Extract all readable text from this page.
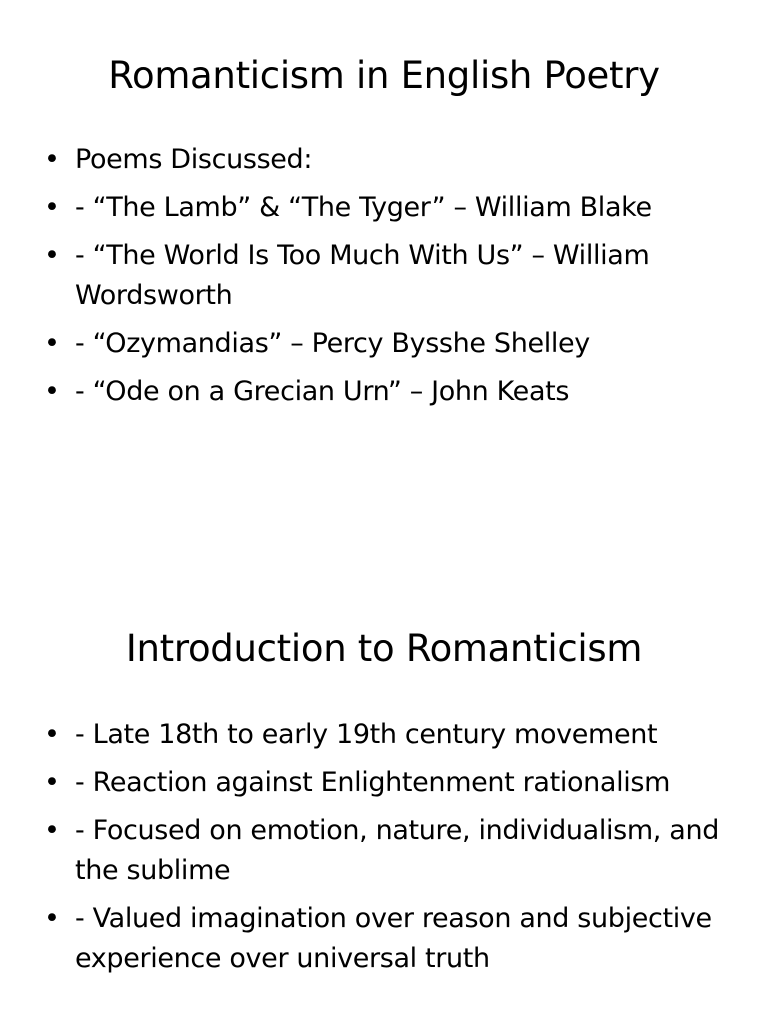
Romanticism in English Poetry
• Poems Discussed:
• - “The Lamb” & “The Tyger” – William Blake
• - “The World Is Too Much With Us” – William Wordsworth
• - “Ozymandias” – Percy Bysshe Shelley
• - “Ode on a Grecian Urn” – John Keats
Introduction to Romanticism
• - Late 18th to early 19th century movement
• - Reaction against Enlightenment rationalism
• - Focused on emotion, nature, individualism, and the sublime
• - Valued imagination over reason and subjective experience over universal truth
